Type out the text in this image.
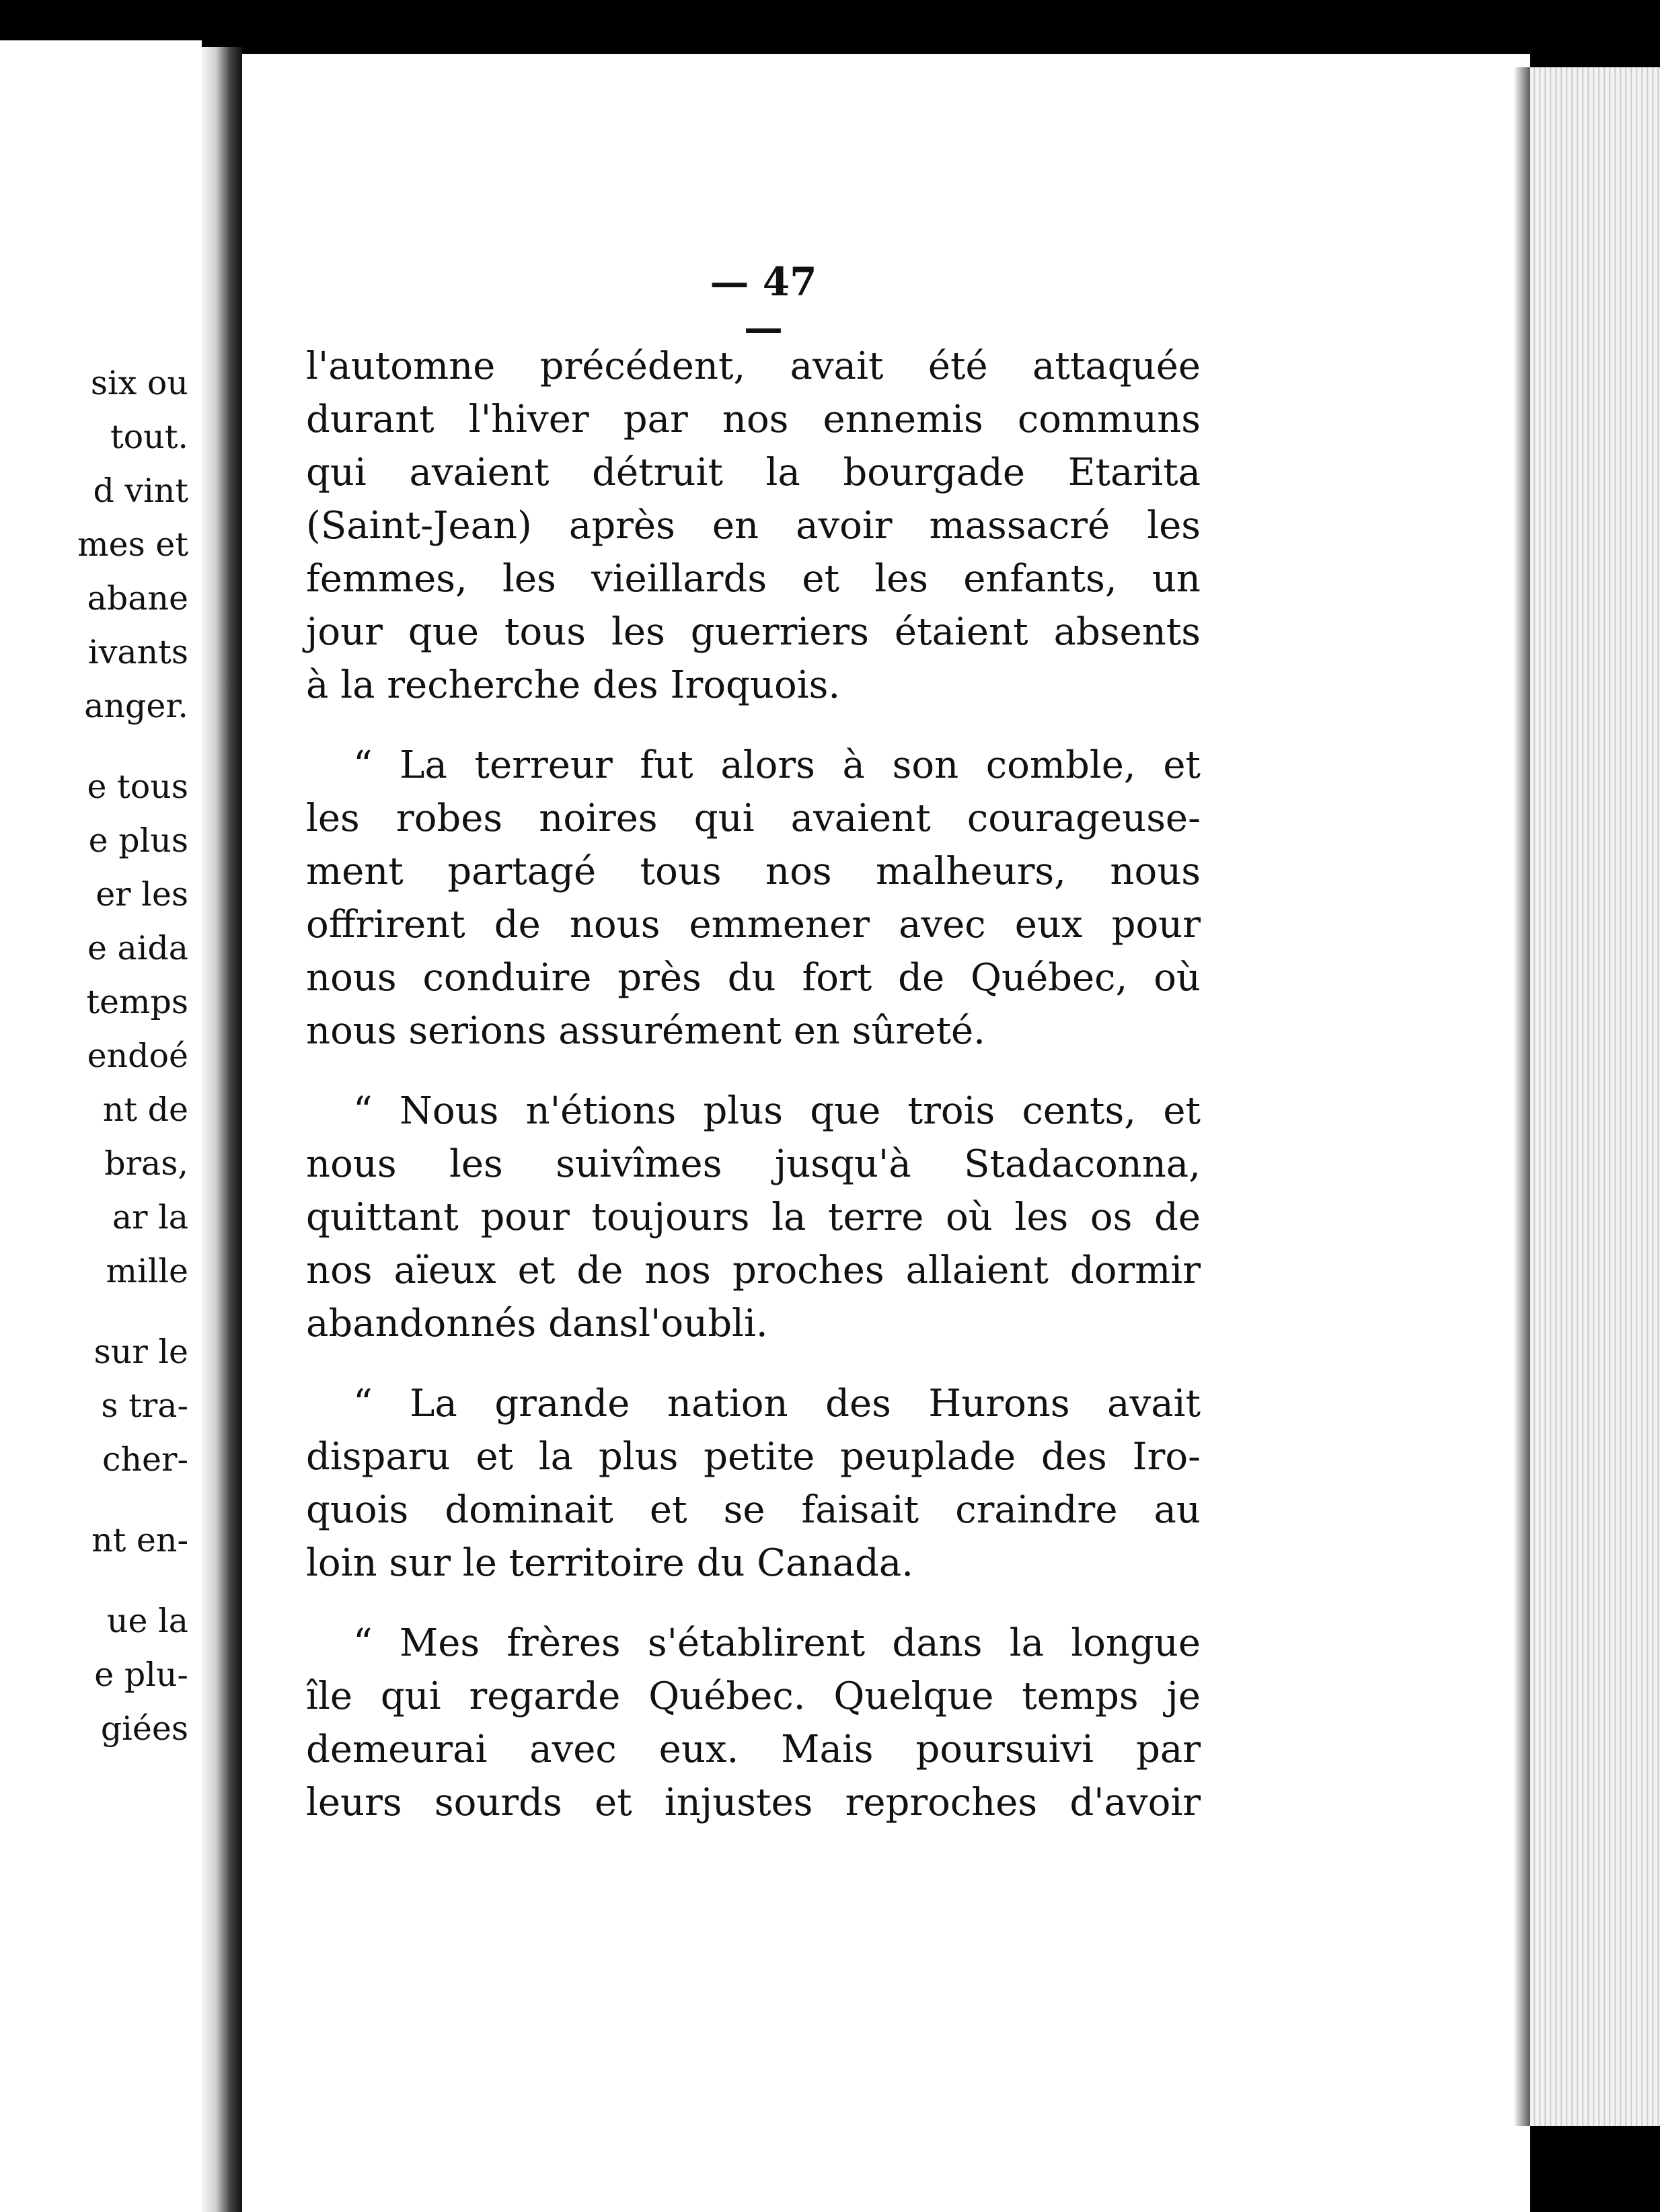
six ou
tout.
d vint
mes et
abane
ivants
anger.
e tous
e plus
er les
e aida
temps
endoé
nt de
bras,
ar la
mille
sur le
s tra-
cher-
nt en-
ue la
e plu-
giées
— 47 —
l'automne précédent, avait été attaquée
durant l'hiver par nos ennemis communs
qui avaient détruit la bourgade Etarita
(Saint-Jean) après en avoir massacré les
femmes, les vieillards et les enfants, un
jour que tous les guerriers étaient absents
à la recherche des Iroquois.
“ La terreur fut alors à son comble, et
les robes noires qui avaient courageuse-
ment partagé tous nos malheurs, nous
offrirent de nous emmener avec eux pour
nous conduire près du fort de Québec, où
nous serions assurément en sûreté.
“ Nous n'étions plus que trois cents, et
nous les suivîmes jusqu'à Stadaconna,
quittant pour toujours la terre où les os de
nos aïeux et de nos proches allaient dormir
abandonnés dansl'oubli.
“ La grande nation des Hurons avait
disparu et la plus petite peuplade des Iro-
quois dominait et se faisait craindre au
loin sur le territoire du Canada.
“ Mes frères s'établirent dans la longue
île qui regarde Québec. Quelque temps je
demeurai avec eux. Mais poursuivi par
leurs sourds et injustes reproches d'avoir
